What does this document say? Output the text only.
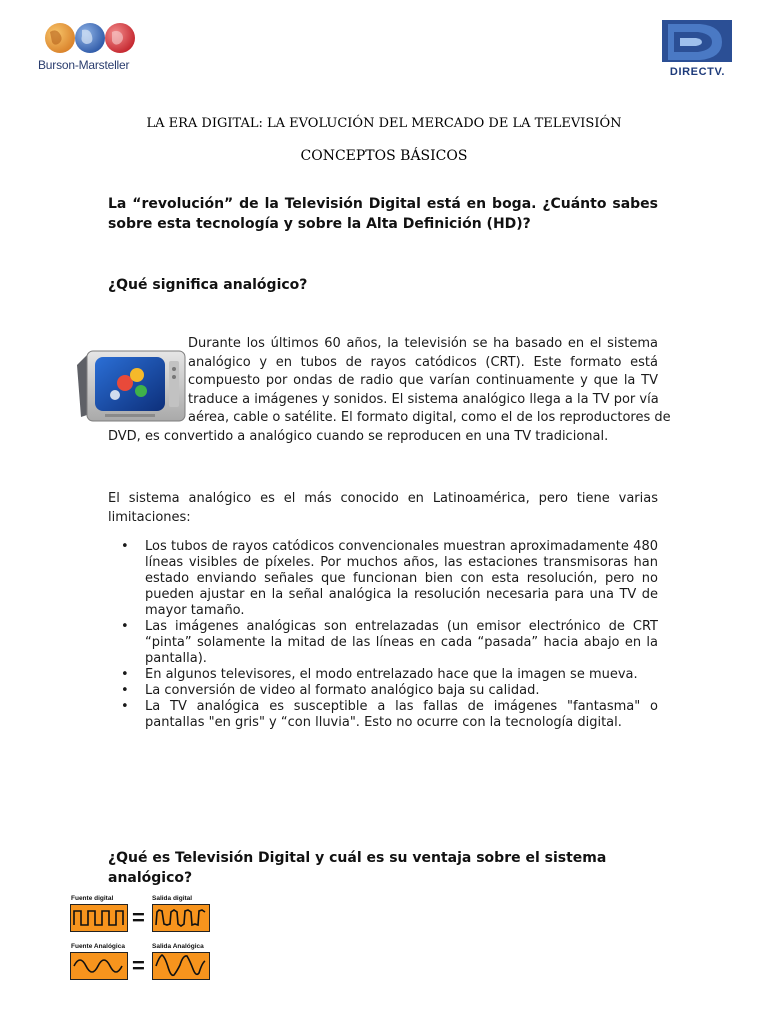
Burson-Marsteller	DIRECTV.
LA ERA DIGITAL: LA EVOLUCIÓN DEL MERCADO DE LA TELEVISIÓN
CONCEPTOS BÁSICOS

La “revolución” de la Televisión Digital está en boga. ¿Cuánto sabes sobre esta tecnología y sobre la Alta Definición (HD)?

¿Qué significa analógico?

Durante los últimos 60 años, la televisión se ha basado en el sistema
analógico y en tubos de rayos catódicos (CRT). Este formato está
compuesto por ondas de radio que varían continuamente y que la TV
traduce a imágenes y sonidos. El sistema analógico llega a la TV por vía
aérea, cable o satélite. El formato digital, como el de los reproductores de
DVD, es convertido a analógico cuando se reproducen en una TV tradicional.

El sistema analógico es el más conocido en Latinoamérica, pero tiene varias limitaciones:

• Los tubos de rayos catódicos convencionales muestran aproximadamente 480 líneas visibles de píxeles. Por muchos años, las estaciones transmisoras han estado enviando señales que funcionan bien con esta resolución, pero no pueden ajustar en la señal analógica la resolución necesaria para una TV de mayor tamaño.
• Las imágenes analógicas son entrelazadas (un emisor electrónico de CRT “pinta” solamente la mitad de las líneas en cada “pasada” hacia abajo en la pantalla).
• En algunos televisores, el modo entrelazado hace que la imagen se mueva.
• La conversión de video al formato analógico baja su calidad.
• La TV analógica es susceptible a las fallas de imágenes "fantasma" o pantallas "en gris" y “con lluvia". Esto no ocurre con la tecnología digital.

¿Qué es Televisión Digital y cuál es su ventaja sobre el sistema analógico?

Fuente digital	Salida digital
=
Fuente Analógica	Salida Analógica
=
